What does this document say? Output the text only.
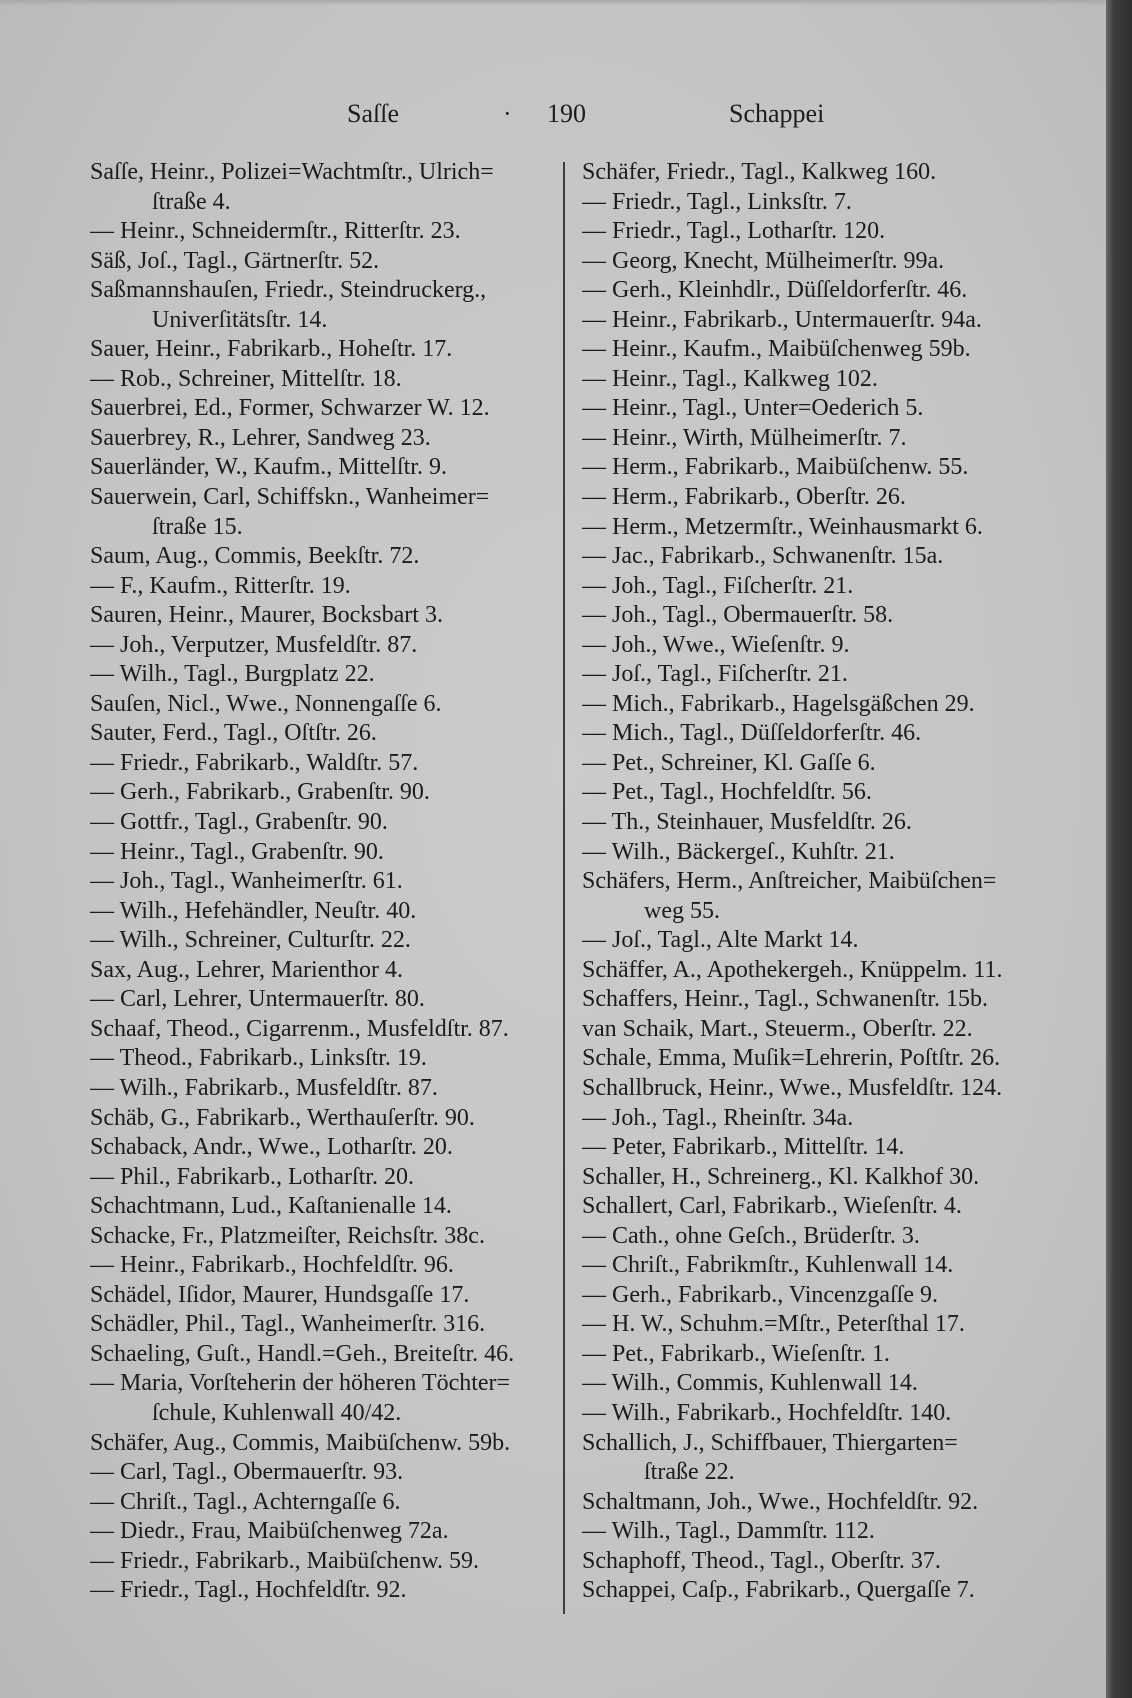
Saſſe	· 190	Schappei
Saſſe, Heinr., Polizei=Wachtmſtr., Ulrich=
ſtraße 4.
— Heinr., Schneidermſtr., Ritterſtr. 23.
Säß, Joſ., Tagl., Gärtnerſtr. 52.
Saßmannshauſen, Friedr., Steindruckerg.,
Univerſitätsſtr. 14.
Sauer, Heinr., Fabrikarb., Hoheſtr. 17.
— Rob., Schreiner, Mittelſtr. 18.
Sauerbrei, Ed., Former, Schwarzer W. 12.
Sauerbrey, R., Lehrer, Sandweg 23.
Sauerländer, W., Kaufm., Mittelſtr. 9.
Sauerwein, Carl, Schiffskn., Wanheimer=
ſtraße 15.
Saum, Aug., Commis, Beekſtr. 72.
— F., Kaufm., Ritterſtr. 19.
Sauren, Heinr., Maurer, Bocksbart 3.
— Joh., Verputzer, Musfeldſtr. 87.
— Wilh., Tagl., Burgplatz 22.
Sauſen, Nicl., Wwe., Nonnengaſſe 6.
Sauter, Ferd., Tagl., Oſtſtr. 26.
— Friedr., Fabrikarb., Waldſtr. 57.
— Gerh., Fabrikarb., Grabenſtr. 90.
— Gottfr., Tagl., Grabenſtr. 90.
— Heinr., Tagl., Grabenſtr. 90.
— Joh., Tagl., Wanheimerſtr. 61.
— Wilh., Hefehändler, Neuſtr. 40.
— Wilh., Schreiner, Culturſtr. 22.
Sax, Aug., Lehrer, Marienthor 4.
— Carl, Lehrer, Untermauerſtr. 80.
Schaaf, Theod., Cigarrenm., Musfeldſtr. 87.
— Theod., Fabrikarb., Linksſtr. 19.
— Wilh., Fabrikarb., Musfeldſtr. 87.
Schäb, G., Fabrikarb., Werthauſerſtr. 90.
Schaback, Andr., Wwe., Lotharſtr. 20.
— Phil., Fabrikarb., Lotharſtr. 20.
Schachtmann, Lud., Kaſtanienalle 14.
Schacke, Fr., Platzmeiſter, Reichsſtr. 38c.
— Heinr., Fabrikarb., Hochfeldſtr. 96.
Schädel, Iſidor, Maurer, Hundsgaſſe 17.
Schädler, Phil., Tagl., Wanheimerſtr. 316.
Schaeling, Guſt., Handl.=Geh., Breiteſtr. 46.
— Maria, Vorſteherin der höheren Töchter=
ſchule, Kuhlenwall 40/42.
Schäfer, Aug., Commis, Maibüſchenw. 59b.
— Carl, Tagl., Obermauerſtr. 93.
— Chriſt., Tagl., Achterngaſſe 6.
— Diedr., Frau, Maibüſchenweg 72a.
— Friedr., Fabrikarb., Maibüſchenw. 59.
— Friedr., Tagl., Hochfeldſtr. 92.
Schäfer, Friedr., Tagl., Kalkweg 160.
— Friedr., Tagl., Linksſtr. 7.
— Friedr., Tagl., Lotharſtr. 120.
— Georg, Knecht, Mülheimerſtr. 99a.
— Gerh., Kleinhdlr., Düſſeldorferſtr. 46.
— Heinr., Fabrikarb., Untermauerſtr. 94a.
— Heinr., Kaufm., Maibüſchenweg 59b.
— Heinr., Tagl., Kalkweg 102.
— Heinr., Tagl., Unter=Oederich 5.
— Heinr., Wirth, Mülheimerſtr. 7.
— Herm., Fabrikarb., Maibüſchenw. 55.
— Herm., Fabrikarb., Oberſtr. 26.
— Herm., Metzermſtr., Weinhausmarkt 6.
— Jac., Fabrikarb., Schwanenſtr. 15a.
— Joh., Tagl., Fiſcherſtr. 21.
— Joh., Tagl., Obermauerſtr. 58.
— Joh., Wwe., Wieſenſtr. 9.
— Joſ., Tagl., Fiſcherſtr. 21.
— Mich., Fabrikarb., Hagelsgäßchen 29.
— Mich., Tagl., Düſſeldorferſtr. 46.
— Pet., Schreiner, Kl. Gaſſe 6.
— Pet., Tagl., Hochfeldſtr. 56.
— Th., Steinhauer, Musfeldſtr. 26.
— Wilh., Bäckergeſ., Kuhſtr. 21.
Schäfers, Herm., Anſtreicher, Maibüſchen=
weg 55.
— Joſ., Tagl., Alte Markt 14.
Schäffer, A., Apothekergeh., Knüppelm. 11.
Schaffers, Heinr., Tagl., Schwanenſtr. 15b.
van Schaik, Mart., Steuerm., Oberſtr. 22.
Schale, Emma, Muſik=Lehrerin, Poſtſtr. 26.
Schallbruck, Heinr., Wwe., Musfeldſtr. 124.
— Joh., Tagl., Rheinſtr. 34a.
— Peter, Fabrikarb., Mittelſtr. 14.
Schaller, H., Schreinerg., Kl. Kalkhof 30.
Schallert, Carl, Fabrikarb., Wieſenſtr. 4.
— Cath., ohne Geſch., Brüderſtr. 3.
— Chriſt., Fabrikmſtr., Kuhlenwall 14.
— Gerh., Fabrikarb., Vincenzgaſſe 9.
— H. W., Schuhm.=Mſtr., Peterſthal 17.
— Pet., Fabrikarb., Wieſenſtr. 1.
— Wilh., Commis, Kuhlenwall 14.
— Wilh., Fabrikarb., Hochfeldſtr. 140.
Schallich, J., Schiffbauer, Thiergarten=
ſtraße 22.
Schaltmann, Joh., Wwe., Hochfeldſtr. 92.
— Wilh., Tagl., Dammſtr. 112.
Schaphoff, Theod., Tagl., Oberſtr. 37.
Schappei, Caſp., Fabrikarb., Quergaſſe 7.
